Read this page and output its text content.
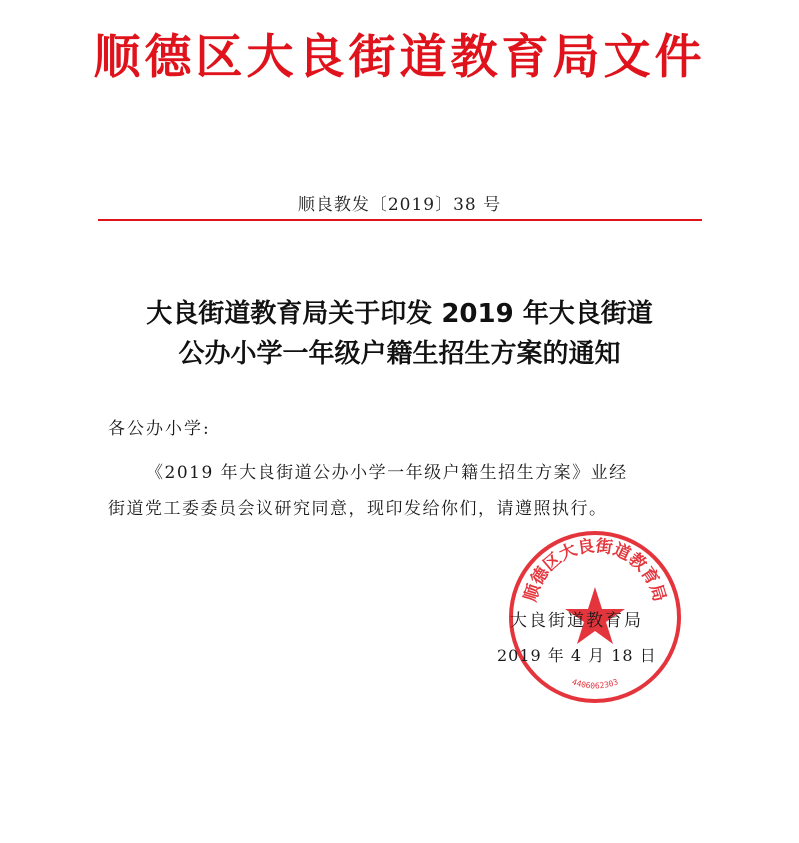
顺德区大良街道教育局文件
顺良教发〔2019〕38 号
大良街道教育局关于印发 2019 年大良街道
公办小学一年级户籍生招生方案的通知
各公办小学:
《2019 年大良街道公办小学一年级户籍生招生方案》业经
街道党工委委员会议研究同意，现印发给你们，请遵照执行。
顺德区大良街道教育局
4406062303
大良街道教育局
2019 年 4 月 18 日
